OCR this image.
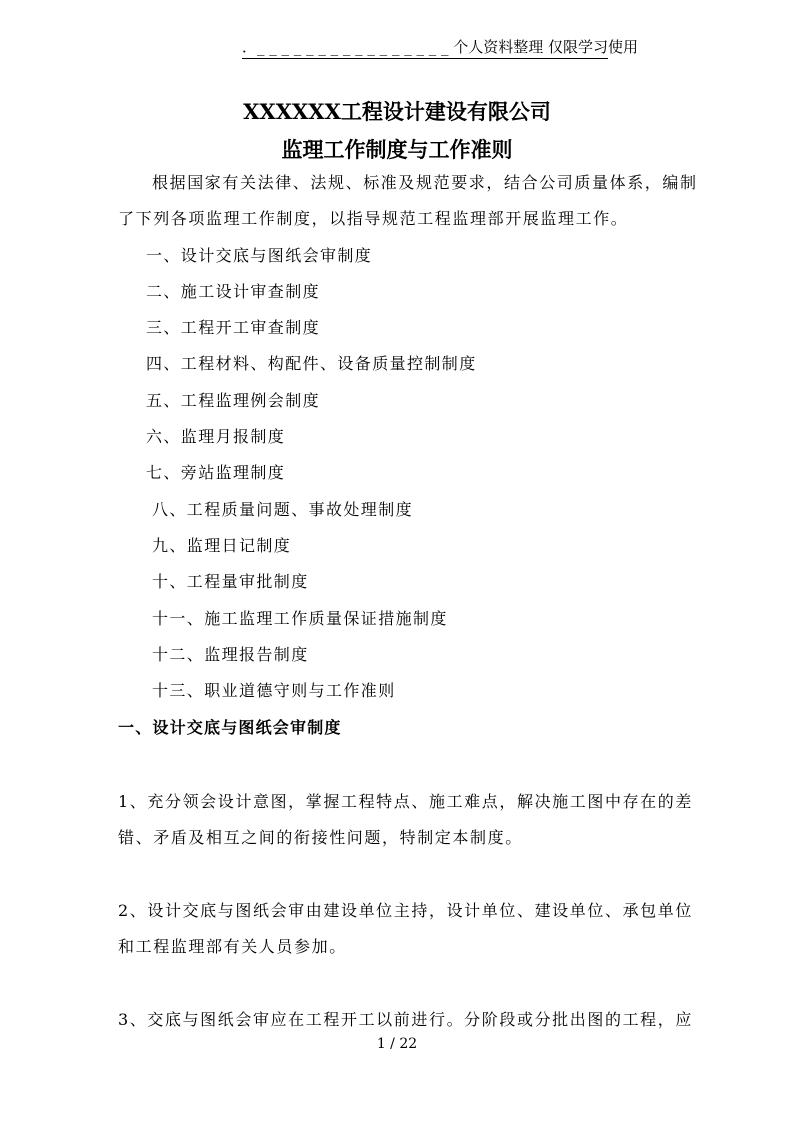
．_ _ _ _ _ _ _ _ _ _ _ _ _ _ _ _ 个人资料整理 仅限学习使用
XXXXXX工程设计建设有限公司
监理工作制度与工作准则
根据国家有关法律、法规、标准及规范要求，结合公司质量体系，编制
了下列各项监理工作制度，以指导规范工程监理部开展监理工作。
一、设计交底与图纸会审制度
二、施工设计审查制度
三、工程开工审查制度
四、工程材料、构配件、设备质量控制制度
五、工程监理例会制度
六、监理月报制度
七、旁站监理制度
八、工程质量问题、事故处理制度
九、监理日记制度
十、工程量审批制度
十一、施工监理工作质量保证措施制度
十二、监理报告制度
十三、职业道德守则与工作准则
一、设计交底与图纸会审制度
1、充分领会设计意图，掌握工程特点、施工难点，解决施工图中存在的差
错、矛盾及相互之间的衔接性问题，特制定本制度。
2、设计交底与图纸会审由建设单位主持，设计单位、建设单位、承包单位
和工程监理部有关人员参加。
3、交底与图纸会审应在工程开工以前进行。分阶段或分批出图的工程，应
1 / 22
